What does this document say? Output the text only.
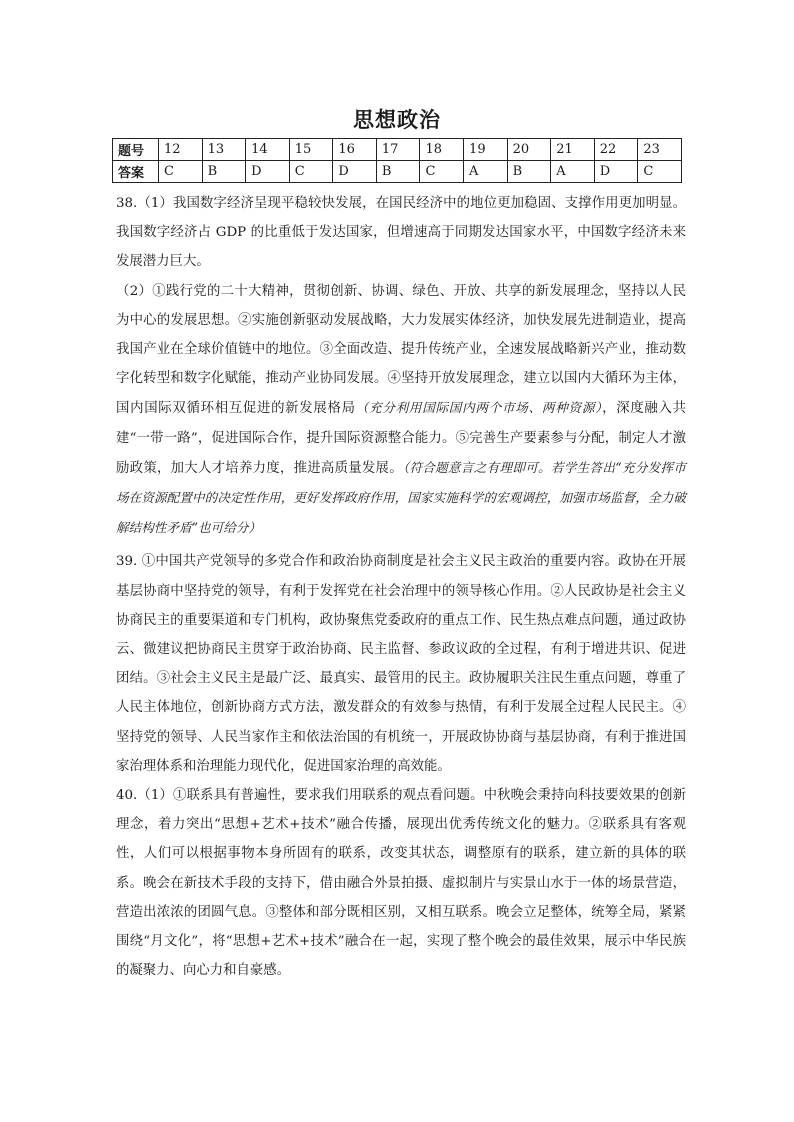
思想政治
题号	12	13	14	15	16	17	18	19	20	21	22	23
答案	C	B	D	C	D	B	C	A	B	A	D	C

38.（1）我国数字经济呈现平稳较快发展，在国民经济中的地位更加稳固、支撑作用更加明显。我国数字经济占 GDP 的比重低于发达国家，但增速高于同期发达国家水平，中国数字经济未来发展潜力巨大。

（2）①践行党的二十大精神，贯彻创新、协调、绿色、开放、共享的新发展理念，坚持以人民为中心的发展思想。②实施创新驱动发展战略，大力发展实体经济，加快发展先进制造业，提高我国产业在全球价值链中的地位。③全面改造、提升传统产业，全速发展战略新兴产业，推动数字化转型和数字化赋能，推动产业协同发展。④坚持开放发展理念，建立以国内大循环为主体，国内国际双循环相互促进的新发展格局（充分利用国际国内两个市场、两种资源），深度融入共建“一带一路”，促进国际合作，提升国际资源整合能力。⑤完善生产要素参与分配，制定人才激励政策，加大人才培养力度，推进高质量发展。（符合题意言之有理即可。若学生答出“充分发挥市场在资源配置中的决定性作用，更好发挥政府作用，国家实施科学的宏观调控，加强市场监督，全力破解结构性矛盾”也可给分）

39. ①中国共产党领导的多党合作和政治协商制度是社会主义民主政治的重要内容。政协在开展基层协商中坚持党的领导，有利于发挥党在社会治理中的领导核心作用。②人民政协是社会主义协商民主的重要渠道和专门机构，政协聚焦党委政府的重点工作、民生热点难点问题，通过政协云、微建议把协商民主贯穿于政治协商、民主监督、参政议政的全过程，有利于增进共识、促进团结。③社会主义民主是最广泛、最真实、最管用的民主。政协履职关注民生重点问题，尊重了人民主体地位，创新协商方式方法，激发群众的有效参与热情，有利于发展全过程人民民主。④坚持党的领导、人民当家作主和依法治国的有机统一，开展政协协商与基层协商，有利于推进国家治理体系和治理能力现代化，促进国家治理的高效能。

40.（1）①联系具有普遍性，要求我们用联系的观点看问题。中秋晚会秉持向科技要效果的创新理念，着力突出“思想+艺术+技术”融合传播，展现出优秀传统文化的魅力。②联系具有客观性，人们可以根据事物本身所固有的联系，改变其状态，调整原有的联系，建立新的具体的联系。晚会在新技术手段的支持下，借由融合外景拍摄、虚拟制片与实景山水于一体的场景营造，营造出浓浓的团圆气息。③整体和部分既相区别，又相互联系。晚会立足整体，统筹全局，紧紧围绕“月文化”，将“思想+艺术+技术”融合在一起，实现了整个晚会的最佳效果，展示中华民族的凝聚力、向心力和自豪感。
